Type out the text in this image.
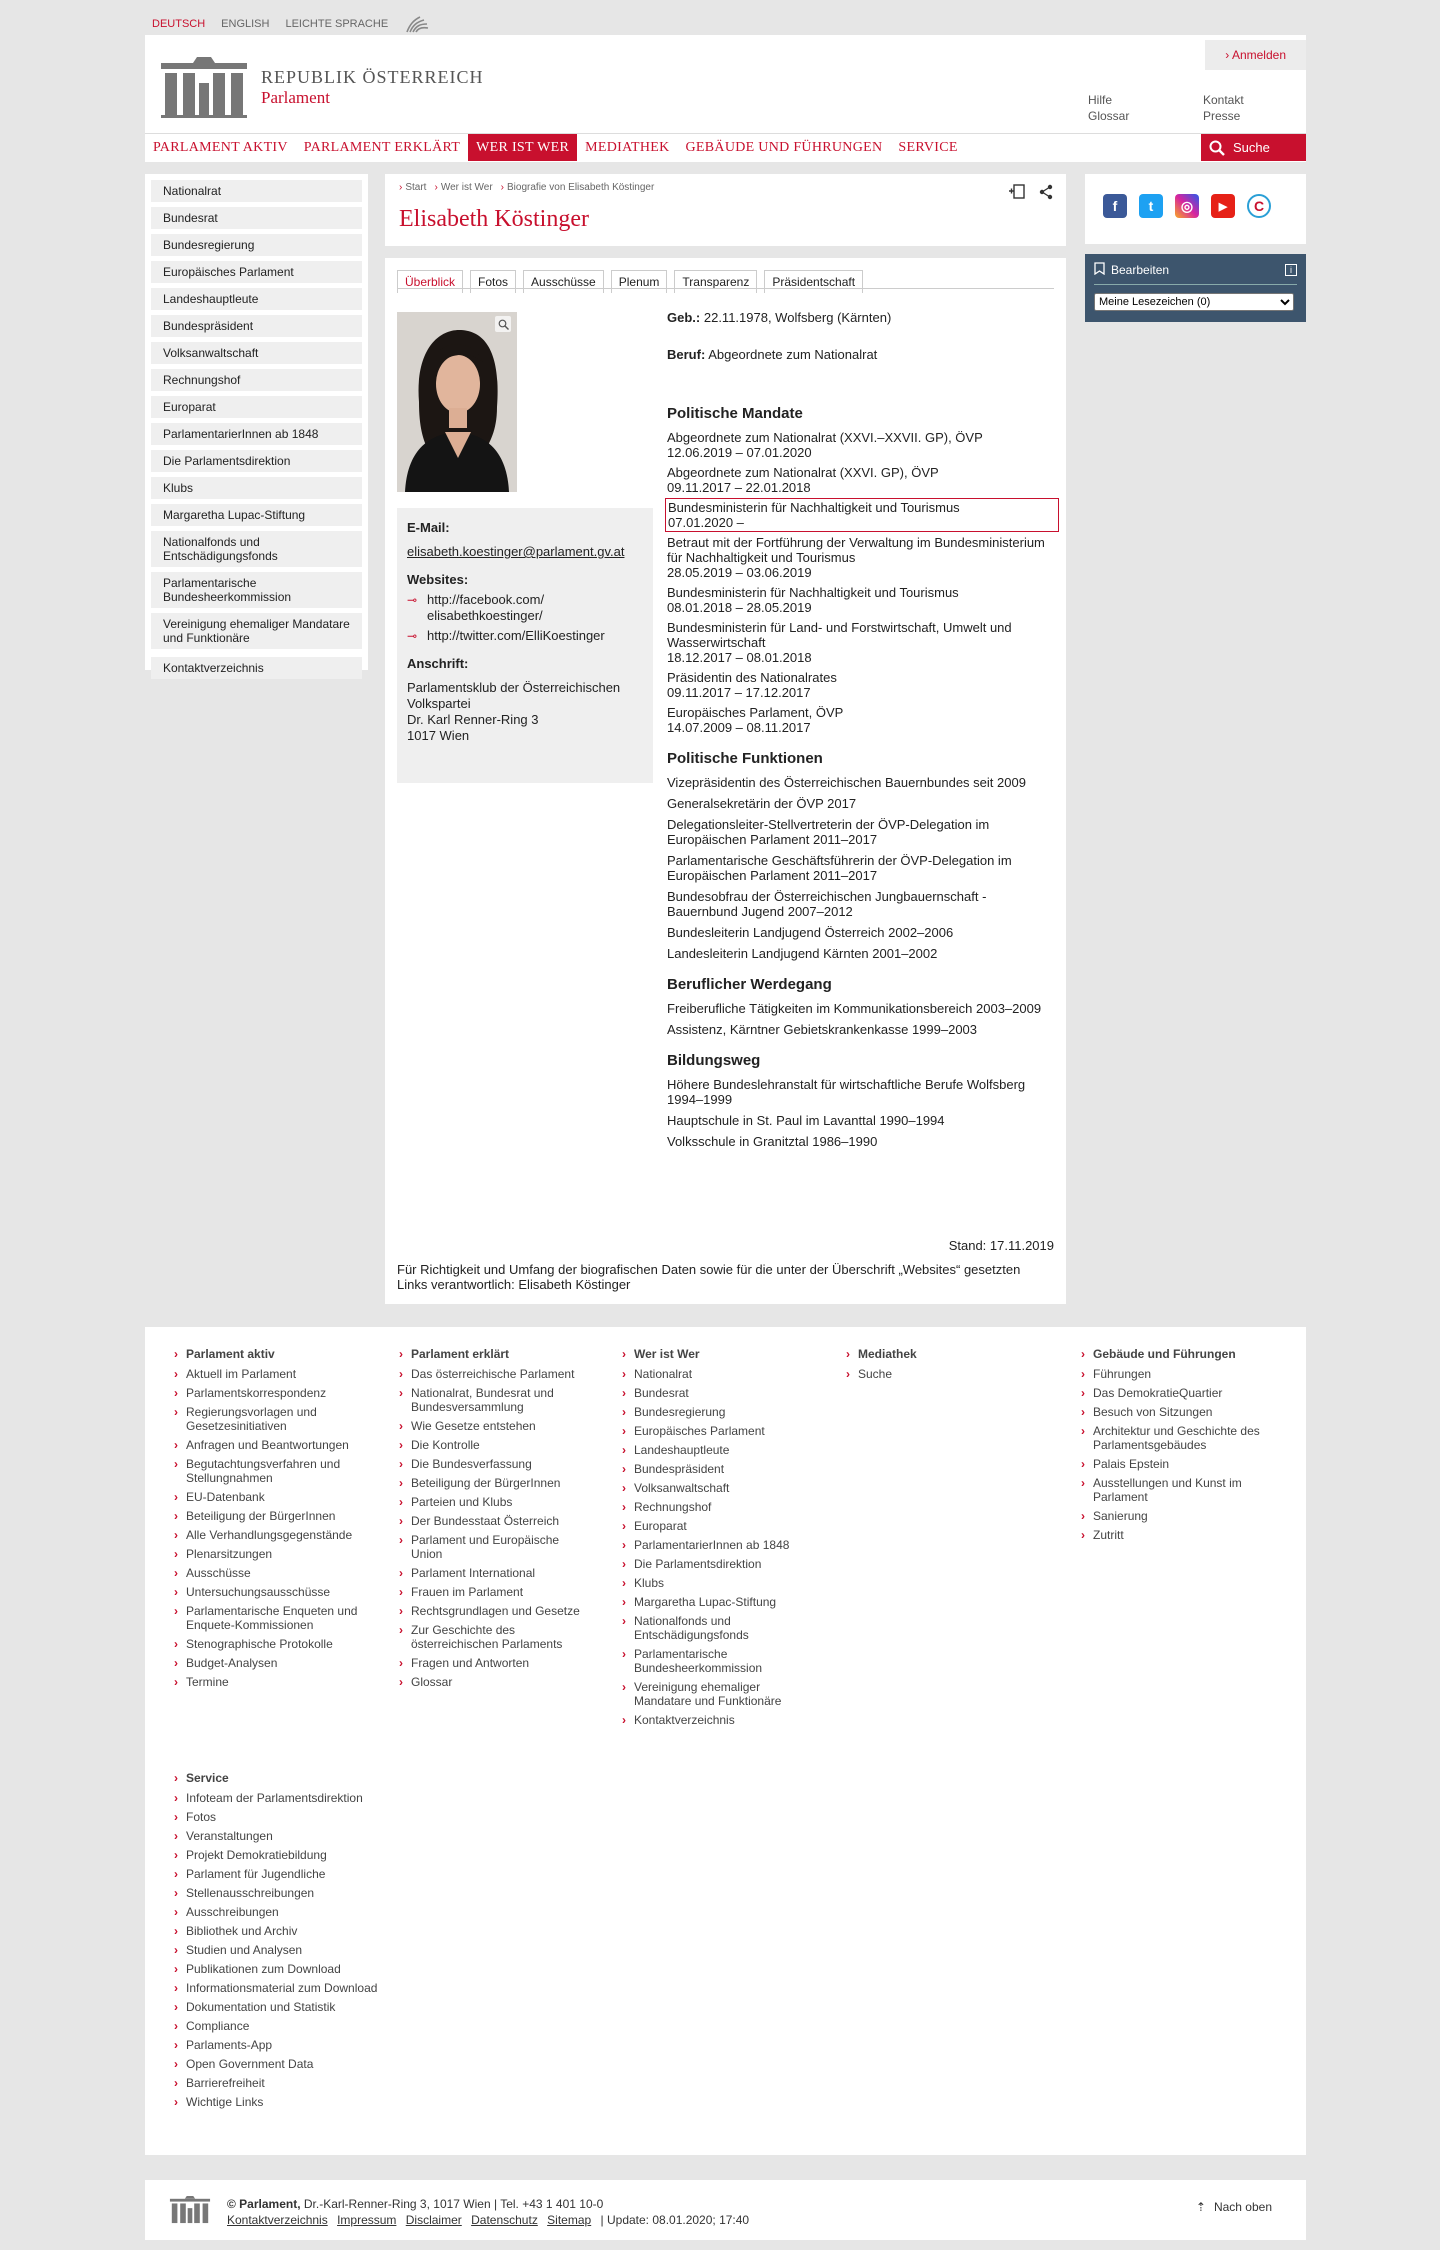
DEUTSCH ENGLISH LEICHTE SPRACHE
REPUBLIK ÖSTERREICH
Parlament
› Anmelden
Hilfe	Kontakt
Glossar	Presse
PARLAMENT AKTIV	PARLAMENT ERKLÄRT	WER IST WER	MEDIATHEK	GEBÄUDE UND FÜHRUNGEN	SERVICE	Suche
Nationalrat
Bundesrat
Bundesregierung
Europäisches Parlament
Landeshauptleute
Bundespräsident
Volksanwaltschaft
Rechnungshof
Europarat
ParlamentarierInnen ab 1848
Die Parlamentsdirektion
Klubs
Margaretha Lupac-Stiftung
Nationalfonds und Entschädigungsfonds
Parlamentarische Bundesheerkommission
Vereinigung ehemaliger Mandatare und Funktionäre
Kontaktverzeichnis
› Start	› Wer ist Wer	› Biografie von Elisabeth Köstinger
Elisabeth Köstinger
Überblick	Fotos	Ausschüsse	Plenum	Transparenz	Präsidentschaft
E-Mail:
elisabeth.koestinger@parlament.gv.at
Websites:
⊸ http://facebook.com/ elisabethkoestinger/
⊸ http://twitter.com/ElliKoestinger
Anschrift:
Parlamentsklub der Österreichischen Volkspartei
Dr. Karl Renner-Ring 3
1017 Wien
Geb.: 22.11.1978, Wolfsberg (Kärnten)
Beruf: Abgeordnete zum Nationalrat
Politische Mandate
Abgeordnete zum Nationalrat (XXVI.–XXVII. GP), ÖVP
12.06.2019 – 07.01.2020
Abgeordnete zum Nationalrat (XXVI. GP), ÖVP
09.11.2017 – 22.01.2018
Bundesministerin für Nachhaltigkeit und Tourismus
07.01.2020 –
Betraut mit der Fortführung der Verwaltung im Bundesministerium für Nachhaltigkeit und Tourismus
28.05.2019 – 03.06.2019
Bundesministerin für Nachhaltigkeit und Tourismus
08.01.2018 – 28.05.2019
Bundesministerin für Land- und Forstwirtschaft, Umwelt und Wasserwirtschaft
18.12.2017 – 08.01.2018
Präsidentin des Nationalrates
09.11.2017 – 17.12.2017
Europäisches Parlament, ÖVP
14.07.2009 – 08.11.2017
Politische Funktionen
Vizepräsidentin des Österreichischen Bauernbundes seit 2009
Generalsekretärin der ÖVP 2017
Delegationsleiter-Stellvertreterin der ÖVP-Delegation im Europäischen Parlament 2011–2017
Parlamentarische Geschäftsführerin der ÖVP-Delegation im Europäischen Parlament 2011–2017
Bundesobfrau der Österreichischen Jungbauernschaft - Bauernbund Jugend 2007–2012
Bundesleiterin Landjugend Österreich 2002–2006
Landesleiterin Landjugend Kärnten 2001–2002
Beruflicher Werdegang
Freiberufliche Tätigkeiten im Kommunikationsbereich 2003–2009
Assistenz, Kärntner Gebietskrankenkasse 1999–2003
Bildungsweg
Höhere Bundeslehranstalt für wirtschaftliche Berufe Wolfsberg 1994–1999
Hauptschule in St. Paul im Lavanttal 1990–1994
Volksschule in Granitztal 1986–1990
Stand: 17.11.2019
Für Richtigkeit und Umfang der biografischen Daten sowie für die unter der Überschrift „Websites“ gesetzten Links verantwortlich: Elisabeth Köstinger
f	t	◎	▶	C
Bearbeiten	i
Meine Lesezeichen (0)
› Parlament aktiv
› Aktuell im Parlament
› Parlamentskorrespondenz
› Regierungsvorlagen und Gesetzesinitiativen
› Anfragen und Beantwortungen
› Begutachtungsverfahren und Stellungnahmen
› EU-Datenbank
› Beteiligung der BürgerInnen
› Alle Verhandlungsgegenstände
› Plenarsitzungen
› Ausschüsse
› Untersuchungsausschüsse
› Parlamentarische Enqueten und Enquete-Kommissionen
› Stenographische Protokolle
› Budget-Analysen
› Termine
› Parlament erklärt
› Das österreichische Parlament
› Nationalrat, Bundesrat und Bundesversammlung
› Wie Gesetze entstehen
› Die Kontrolle
› Die Bundesverfassung
› Beteiligung der BürgerInnen
› Parteien und Klubs
› Der Bundesstaat Österreich
› Parlament und Europäische Union
› Parlament International
› Frauen im Parlament
› Rechtsgrundlagen und Gesetze
› Zur Geschichte des österreichischen Parlaments
› Fragen und Antworten
› Glossar
› Wer ist Wer
› Nationalrat
› Bundesrat
› Bundesregierung
› Europäisches Parlament
› Landeshauptleute
› Bundespräsident
› Volksanwaltschaft
› Rechnungshof
› Europarat
› ParlamentarierInnen ab 1848
› Die Parlamentsdirektion
› Klubs
› Margaretha Lupac-Stiftung
› Nationalfonds und Entschädigungsfonds
› Parlamentarische Bundesheerkommission
› Vereinigung ehemaliger Mandatare und Funktionäre
› Kontaktverzeichnis
› Mediathek
› Suche
› Gebäude und Führungen
› Führungen
› Das DemokratieQuartier
› Besuch von Sitzungen
› Architektur und Geschichte des Parlamentsgebäudes
› Palais Epstein
› Ausstellungen und Kunst im Parlament
› Sanierung
› Zutritt
› Service
› Infoteam der Parlamentsdirektion
› Fotos
› Veranstaltungen
› Projekt Demokratiebildung
› Parlament für Jugendliche
› Stellenausschreibungen
› Ausschreibungen
› Bibliothek und Archiv
› Studien und Analysen
› Publikationen zum Download
› Informationsmaterial zum Download
› Dokumentation und Statistik
› Compliance
› Parlaments-App
› Open Government Data
› Barrierefreiheit
› Wichtige Links
© Parlament, Dr.-Karl-Renner-Ring 3, 1017 Wien | Tel. +43 1 401 10-0
Kontaktverzeichnis Impressum Disclaimer Datenschutz Sitemap | Update: 08.01.2020; 17:40
⇡ Nach oben
